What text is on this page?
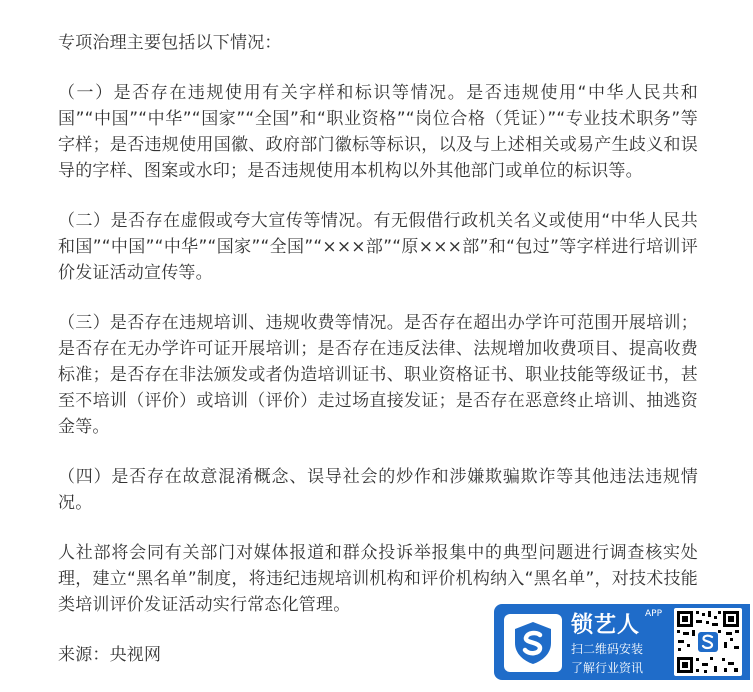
专项治理主要包括以下情况：

（一）是否存在违规使用有关字样和标识等情况。是否违规使用“中华人民共和国”“中国”“中华”“国家”“全国”和“职业资格”“岗位合格（凭证）”“专业技术职务”等字样；是否违规使用国徽、政府部门徽标等标识，以及与上述相关或易产生歧义和误导的字样、图案或水印；是否违规使用本机构以外其他部门或单位的标识等。

（二）是否存在虚假或夸大宣传等情况。有无假借行政机关名义或使用“中华人民共和国”“中国”“中华”“国家”“全国”“×××部”“原×××部”和“包过”等字样进行培训评价发证活动宣传等。

（三）是否存在违规培训、违规收费等情况。是否存在超出办学许可范围开展培训；是否存在无办学许可证开展培训；是否存在违反法律、法规增加收费项目、提高收费标准；是否存在非法颁发或者伪造培训证书、职业资格证书、职业技能等级证书，甚至不培训（评价）或培训（评价）走过场直接发证；是否存在恶意终止培训、抽逃资金等。

（四）是否存在故意混淆概念、误导社会的炒作和涉嫌欺骗欺诈等其他违法违规情况。

人社部将会同有关部门对媒体报道和群众投诉举报集中的典型问题进行调查核实处理，建立“黑名单”制度，将违纪违规培训机构和评价机构纳入“黑名单”，对技术技能类培训评价发证活动实行常态化管理。

来源：央视网

锁艺人 APP
扫二维码安装
了解行业资讯
